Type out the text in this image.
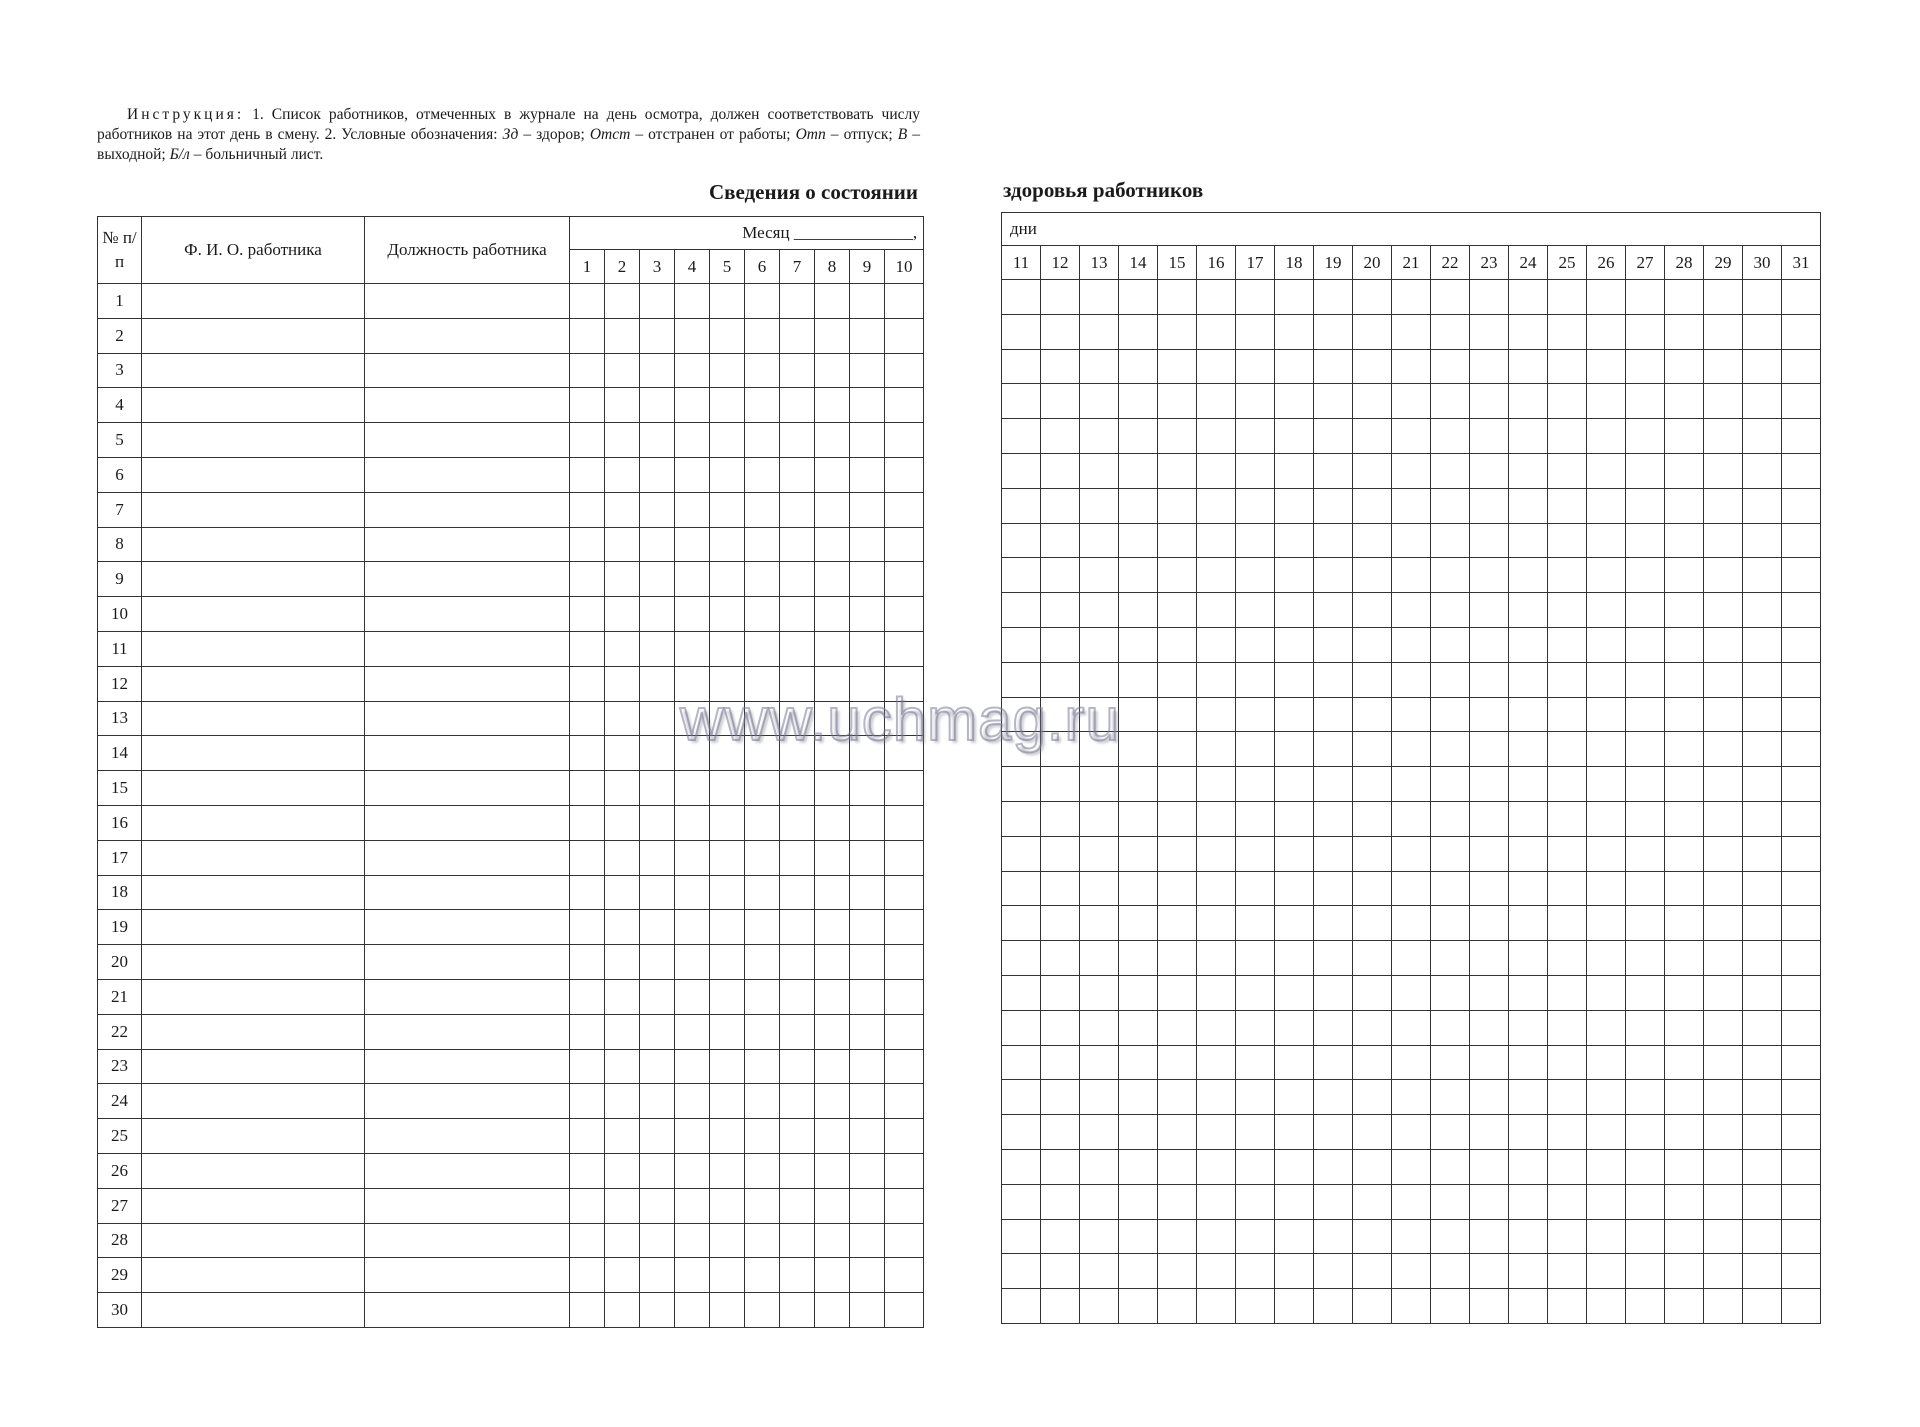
Инструкция: 1. Список работников, отмеченных в журнале на день осмотра, должен соответствовать числу работников на этот день в смену. 2. Условные обозначения: Зд – здоров; Отст – отстранен от работы; Отп – отпуск; В – выходной; Б/л – больничный лист.

Сведения о состоянии	здоровья работников
№ п/п	Ф. И. О. работника	Должность работника	Месяц ______________,									
			1	2	3	4	5	6	7	8	9	10
1												
2												
3												
4												
5												
6												
7												
8												
9												
10												
11												
12												
13												
14												
15												
16												
17												
18												
19												
20												
21												
22												
23												
24												
25												
26												
27												
28												
29												
30												
дни																				
11	12	13	14	15	16	17	18	19	20	21	22	23	24	25	26	27	28	29	30	31

www.uchmag.ru
